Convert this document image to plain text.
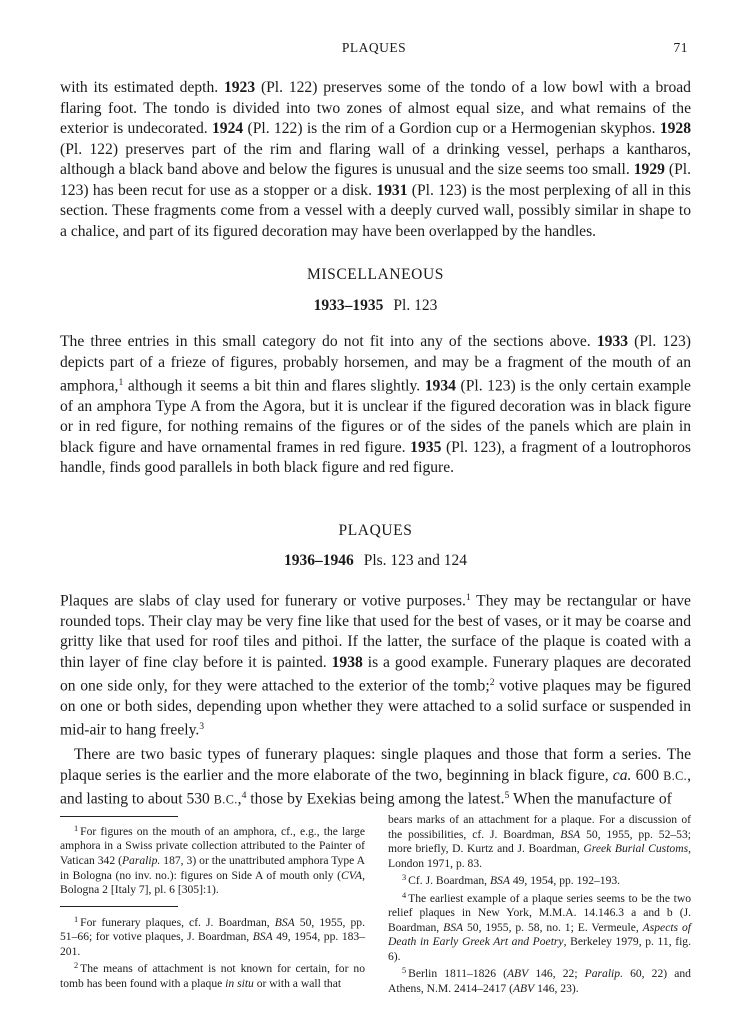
PLAQUES	71

with its estimated depth. 1923 (Pl. 122) preserves some of the tondo of a low bowl with a broad flaring foot. The tondo is divided into two zones of almost equal size, and what remains of the exterior is undecorated. 1924 (Pl. 122) is the rim of a Gordion cup or a Hermogenian skyphos. 1928 (Pl. 122) preserves part of the rim and flaring wall of a drinking vessel, perhaps a kantharos, although a black band above and below the figures is unusual and the size seems too small. 1929 (Pl. 123) has been recut for use as a stopper or a disk. 1931 (Pl. 123) is the most perplexing of all in this section. These fragments come from a vessel with a deeply curved wall, possibly similar in shape to a chalice, and part of its figured decoration may have been overlapped by the handles.

MISCELLANEOUS
1933–1935 Pl. 123

The three entries in this small category do not fit into any of the sections above. 1933 (Pl. 123) depicts part of a frieze of figures, probably horsemen, and may be a fragment of the mouth of an amphora,$^1$ although it seems a bit thin and flares slightly. 1934 (Pl. 123) is the only certain example of an amphora Type A from the Agora, but it is unclear if the figured decoration was in black figure or in red figure, for nothing remains of the figures or of the sides of the panels which are plain in black figure and have ornamental frames in red figure. 1935 (Pl. 123), a fragment of a loutrophoros handle, finds good parallels in both black figure and red figure.

PLAQUES
1936–1946 Pls. 123 and 124

Plaques are slabs of clay used for funerary or votive purposes.$^1$ They may be rectangular or have rounded tops. Their clay may be very fine like that used for the best of vases, or it may be coarse and gritty like that used for roof tiles and pithoi. If the latter, the surface of the plaque is coated with a thin layer of fine clay before it is painted. 1938 is a good example. Funerary plaques are decorated on one side only, for they were attached to the exterior of the tomb;$^2$ votive plaques may be figured on one or both sides, depending upon whether they were attached to a solid surface or suspended in mid-air to hang freely.$^3$

There are two basic types of funerary plaques: single plaques and those that form a series. The plaque series is the earlier and the more elaborate of the two, beginning in black figure, ca. 600 B.C., and lasting to about 530 B.C.,$^4$ those by Exekias being among the latest.$^5$ When the manufacture of

$^1$ For figures on the mouth of an amphora, cf., e.g., the large amphora in a Swiss private collection attributed to the Painter of Vatican 342 (Paralip. 187, 3) or the unattributed amphora Type A in Bologna (no inv. no.): figures on Side A of mouth only (CVA, Bologna 2 [Italy 7], pl. 6 [305]:1).

$^1$ For funerary plaques, cf. J. Boardman, BSA 50, 1955, pp. 51–66; for votive plaques, J. Boardman, BSA 49, 1954, pp. 183–201.

$^2$ The means of attachment is not known for certain, for no tomb has been found with a plaque in situ or with a wall that

bears marks of an attachment for a plaque. For a discussion of the possibilities, cf. J. Boardman, BSA 50, 1955, pp. 52–53; more briefly, D. Kurtz and J. Boardman, Greek Burial Customs, London 1971, p. 83.

$^3$ Cf. J. Boardman, BSA 49, 1954, pp. 192–193.

$^4$ The earliest example of a plaque series seems to be the two relief plaques in New York, M.M.A. 14.146.3 a and b (J. Boardman, BSA 50, 1955, p. 58, no. 1; E. Vermeule, Aspects of Death in Early Greek Art and Poetry, Berkeley 1979, p. 11, fig. 6).

$^5$ Berlin 1811–1826 (ABV 146, 22; Paralip. 60, 22) and Athens, N.M. 2414–2417 (ABV 146, 23).
